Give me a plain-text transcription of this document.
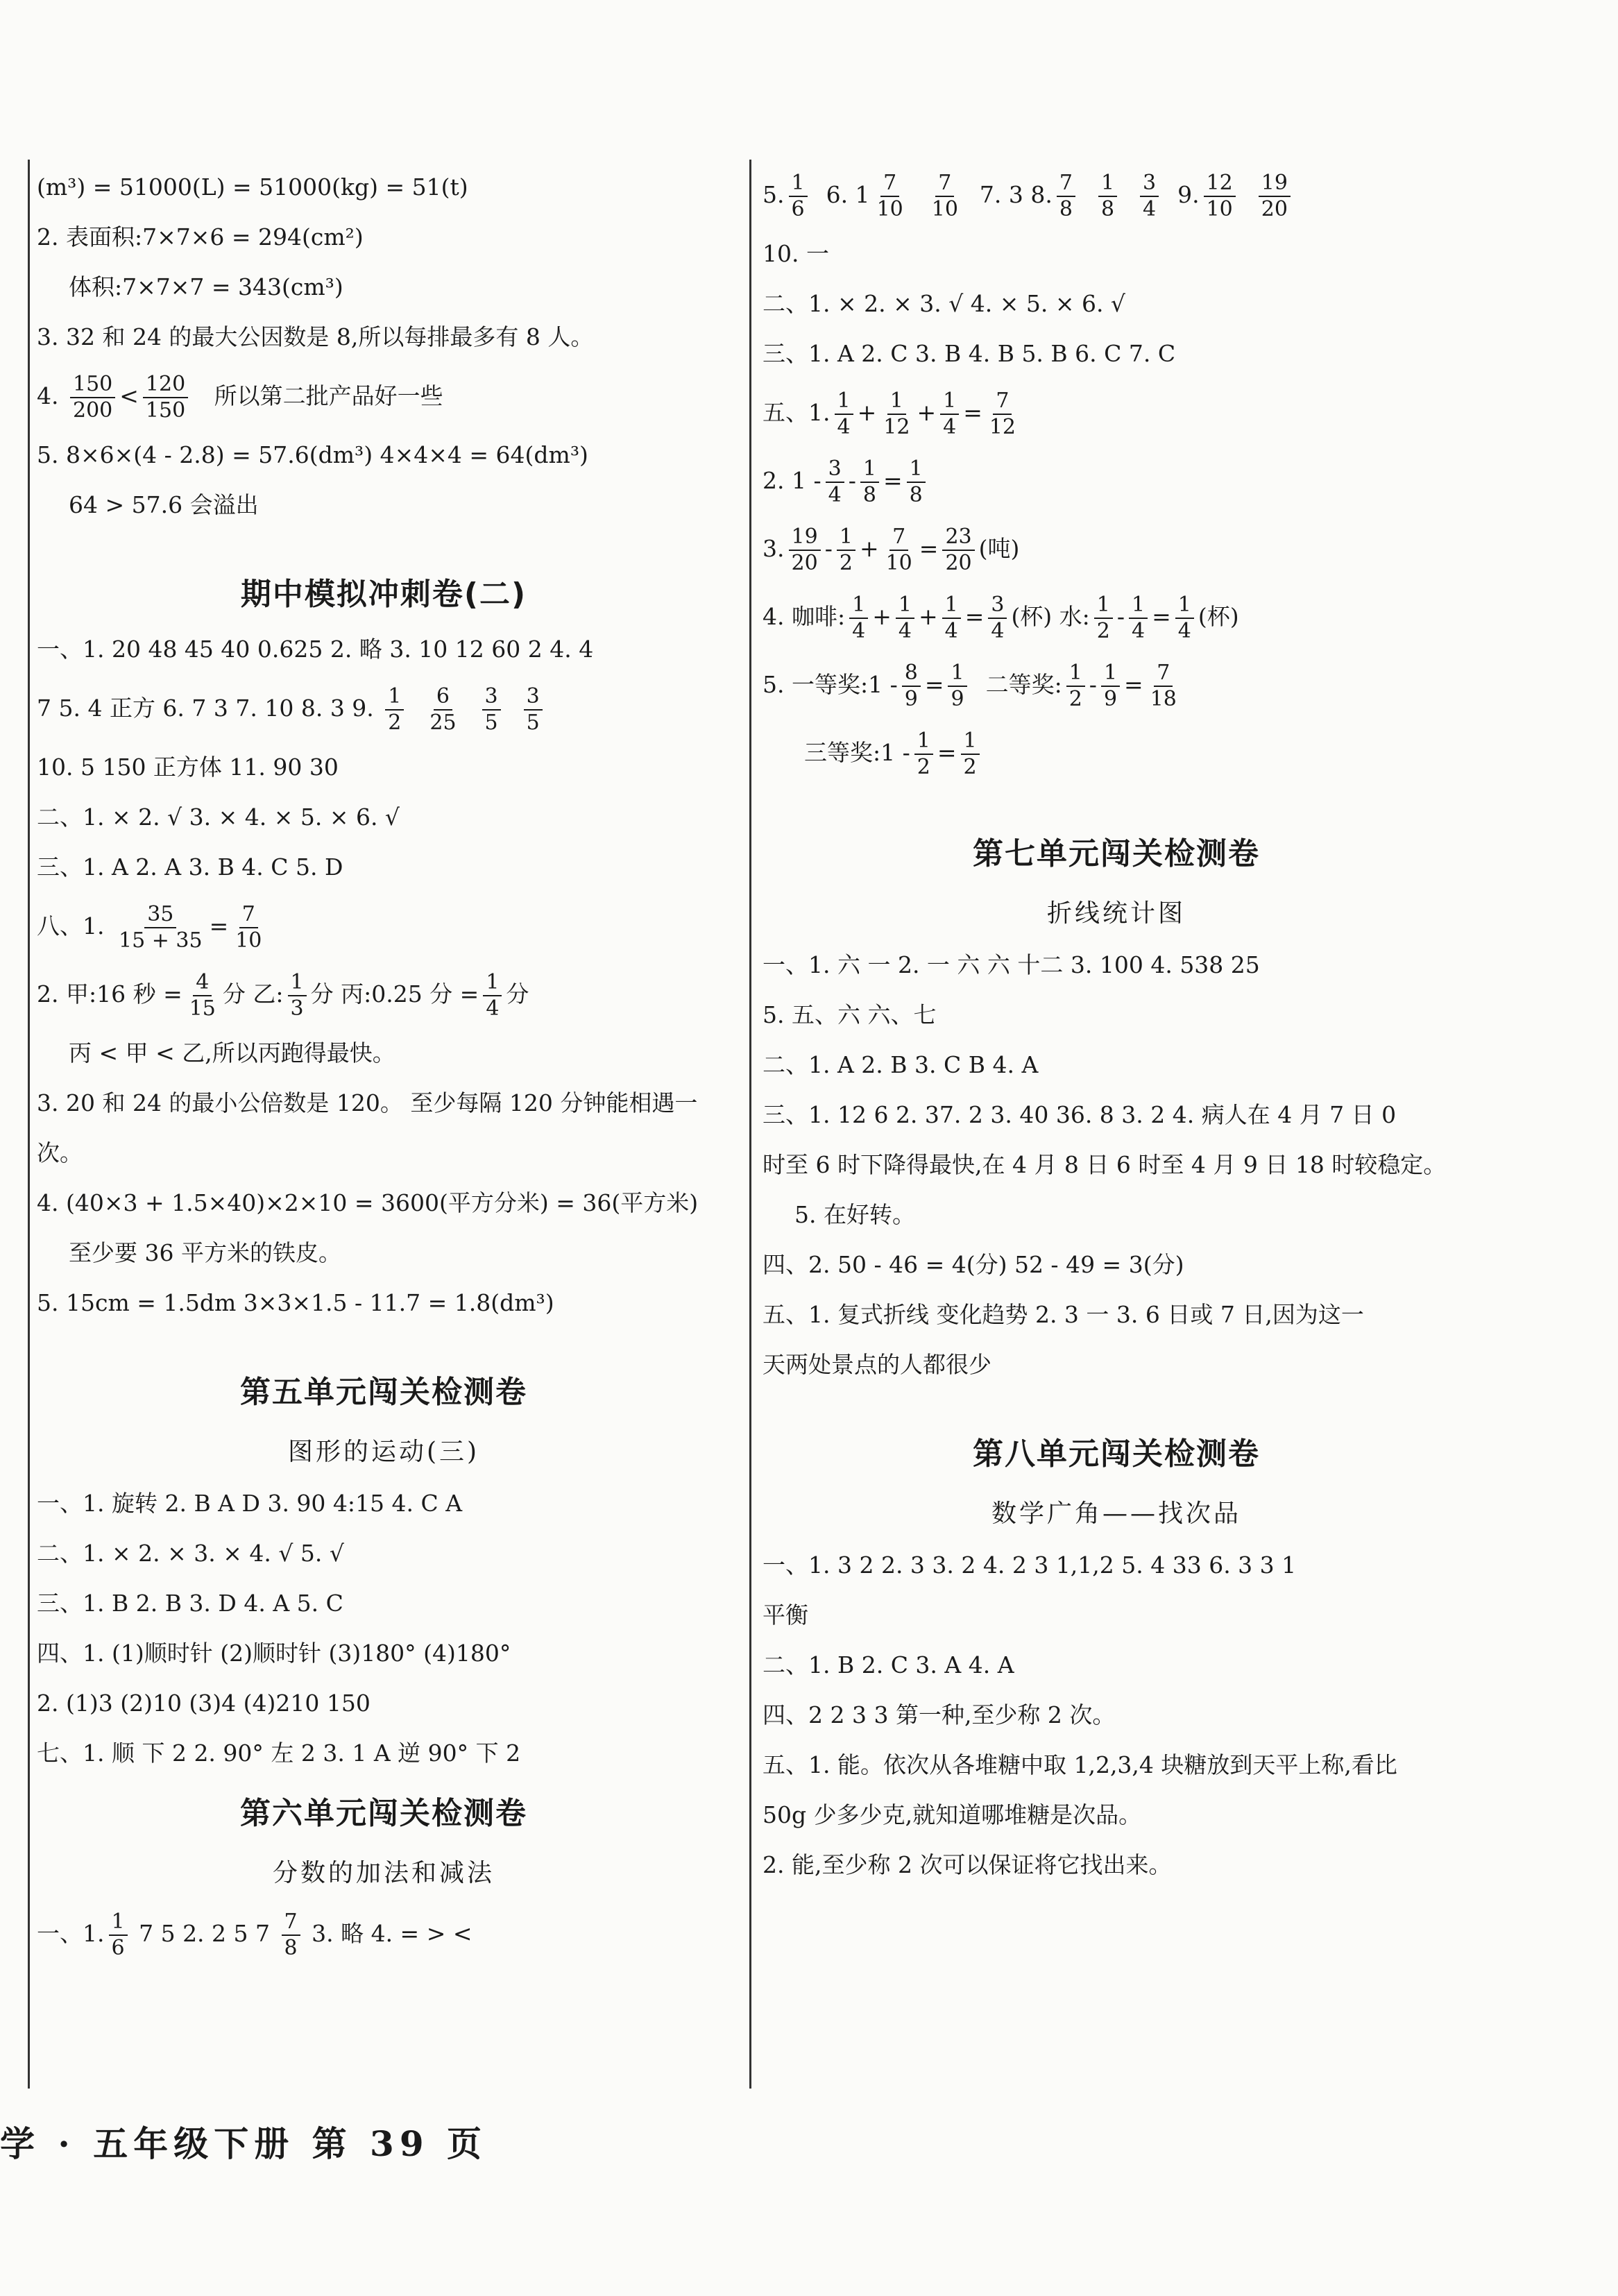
(m³) = 51000(L) = 51000(kg) = 51(t)
2. 表面积:7×7×6 = 294(cm²)
体积:7×7×7 = 343(cm³)
3. 32 和 24 的最大公因数是 8,所以每排最多有 8 人。
4. $\frac{150}{200} < \frac{120}{150}$ 所以第二批产品好一些
5. 8×6×(4 - 2.8) = 57.6(dm³) 4×4×4 = 64(dm³)
64 > 57.6 会溢出
期中模拟冲刺卷(二)
一、1. 20 48 45 40 0.625 2. 略 3. 10 12 60 2 4. 4
7 5. 4 正方 6. 7 3 7. 10 8. 3 9. $\frac{1}{2}$
$\frac{6}{25}$
$\frac{3}{5}$
$\frac{3}{5}$
10. 5 150 正方体 11. 90 30
二、1. × 2. √ 3. × 4. × 5. × 6. √
三、1. A 2. A 3. B 4. C 5. D
八、1. $\frac{35}{15 + 35} = \frac{7}{10}$
2. 甲:16 秒 = $\frac{4}{15}$ 分 乙: $\frac{1}{3}$ 分 丙:0.25 分 = $\frac{1}{4}$ 分
丙 < 甲 < 乙,所以丙跑得最快。
3. 20 和 24 的最小公倍数是 120。 至少每隔 120 分钟能相遇一
次。
4. (40×3 + 1.5×40)×2×10 = 3600(平方分米) = 36(平方米)
至少要 36 平方米的铁皮。
5. 15cm = 1.5dm 3×3×1.5 - 11.7 = 1.8(dm³)
第五单元闯关检测卷
图形的运动(三)
一、1. 旋转 2. B A D 3. 90 4:15 4. C A
二、1. × 2. × 3. × 4. √ 5. √
三、1. B 2. B 3. D 4. A 5. C
四、1. (1)顺时针 (2)顺时针 (3)180° (4)180°
2. (1)3 (2)10 (3)4 (4)210 150
七、1. 顺 下 2 2. 90° 左 2 3. 1 A 逆 90° 下 2
第六单元闯关检测卷
分数的加法和减法
一、1. $\frac{1}{6} 7$ 5 2. 2 5 $7 \frac{7}{8} 3$. 略 4. = > <
5. $\frac{1}{6} 6$. $1 \frac{7}{10}$
$\frac{7}{10} 7$. 3 8. $\frac{7}{8}$
$\frac{1}{8}$
$\frac{3}{4} 9$. $\frac{12}{10}$
$\frac{19}{20}$
10. 一
二、1. × 2. × 3. √ 4. × 5. × 6. √
三、1. A 2. C 3. B 4. B 5. B 6. C 7. C
五、1. $\frac{1}{4} + \frac{1}{12} + \frac{1}{4} = \frac{7}{12}$
2. $1 - \frac{3}{4} - \frac{1}{8} = \frac{1}{8}$
3. $\frac{19}{20} - \frac{1}{2} + \frac{7}{10} = \frac{23}{20}$ (吨)
4. 咖啡: $\frac{1}{4} + \frac{1}{4} + \frac{1}{4} = \frac{3}{4}$ (杯) 水: $\frac{1}{2} - \frac{1}{4} = \frac{1}{4}$ (杯)
5. 一等奖:1 - $\frac{8}{9} = \frac{1}{9}$ 二等奖: $\frac{1}{2} - \frac{1}{9} = \frac{7}{18}$
三等奖:1 - $\frac{1}{2} = \frac{1}{2}$
第七单元闯关检测卷
折线统计图
一、1. 六 一 2. 一 六 六 十二 3. 100 4. 538 25
5. 五、六 六、七
二、1. A 2. B 3. C B 4. A
三、1. 12 6 2. 37. 2 3. 40 36. 8 3. 2 4. 病人在 4 月 7 日 0
时至 6 时下降得最快,在 4 月 8 日 6 时至 4 月 9 日 18 时较稳定。
5. 在好转。
四、2. 50 - 46 = 4(分) 52 - 49 = 3(分)
五、1. 复式折线 变化趋势 2. 3 一 3. 6 日或 7 日,因为这一
天两处景点的人都很少
第八单元闯关检测卷
数学广角——找次品
一、1. 3 2 2. 3 3. 2 4. 2 3 1,1,2 5. 4 33 6. 3 3 1
平衡
二、1. B 2. C 3. A 4. A
四、2 2 3 3 第一种,至少称 2 次。
五、1. 能。依次从各堆糖中取 1,2,3,4 块糖放到天平上称,看比
50g 少多少克,就知道哪堆糖是次品。
2. 能,至少称 2 次可以保证将它找出来。
学 · 五年级下册 第 39 页
